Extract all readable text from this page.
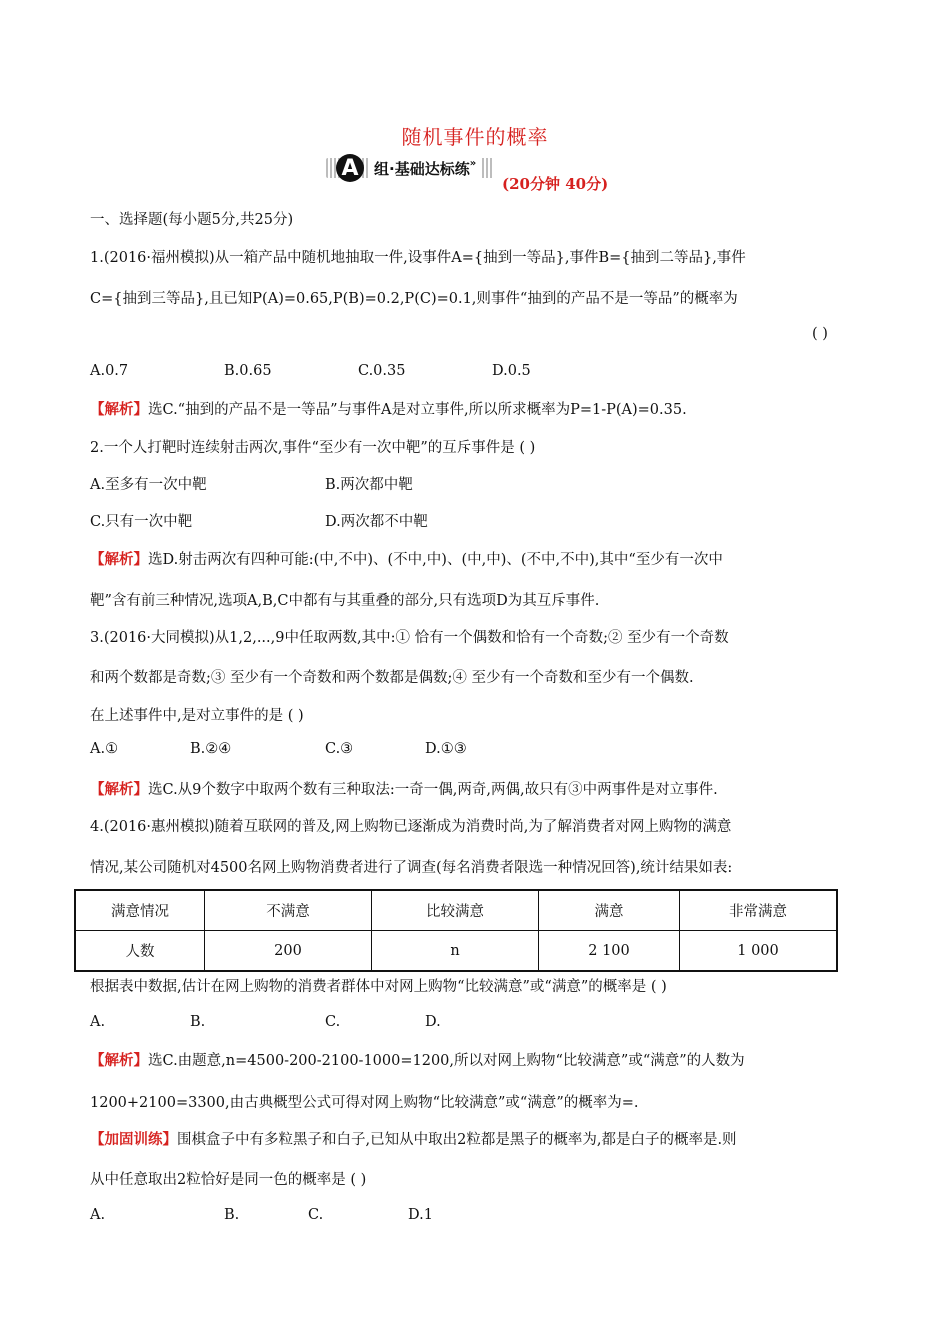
随机事件的概率
A	组·基础达标练»
(20分钟 40分)
一、选择题(每小题5分,共25分)
1.(2016·福州模拟)从一箱产品中随机地抽取一件,设事件A={抽到一等品},事件B={抽到二等品},事件
C={抽到三等品},且已知P(A)=0.65,P(B)=0.2,P(C)=0.1,则事件“抽到的产品不是一等品”的概率为
( )
A.0.7	B.0.65	C.0.35	D.0.5
【解析】选C.“抽到的产品不是一等品”与事件A是对立事件,所以所求概率为P=1-P(A)=0.35.
2.一个人打靶时连续射击两次,事件“至少有一次中靶”的互斥事件是 ( )
A.至多有一次中靶	B.两次都中靶
C.只有一次中靶	D.两次都不中靶
【解析】选D.射击两次有四种可能:(中,不中)、(不中,中)、(中,中)、(不中,不中),其中“至少有一次中
靶”含有前三种情况,选项A,B,C中都有与其重叠的部分,只有选项D为其互斥事件.
3.(2016·大同模拟)从1,2,...,9中任取两数,其中:① 恰有一个偶数和恰有一个奇数;② 至少有一个奇数
和两个数都是奇数;③ 至少有一个奇数和两个数都是偶数;④ 至少有一个奇数和至少有一个偶数.
在上述事件中,是对立事件的是 ( )
A.①	B.②④	C.③	D.①③
【解析】选C.从9个数字中取两个数有三种取法:一奇一偶,两奇,两偶,故只有③中两事件是对立事件.
4.(2016·惠州模拟)随着互联网的普及,网上购物已逐渐成为消费时尚,为了解消费者对网上购物的满意
情况,某公司随机对4500名网上购物消费者进行了调查(每名消费者限选一种情况回答),统计结果如表:
满意情况	不满意	比较满意	满意	非常满意
人数	200	n	2 100	1 000
根据表中数据,估计在网上购物的消费者群体中对网上购物“比较满意”或“满意”的概率是 ( )
A.	B.	C.	D.
【解析】选C.由题意,n=4500-200-2100-1000=1200,所以对网上购物“比较满意”或“满意”的人数为
1200+2100=3300,由古典概型公式可得对网上购物“比较满意”或“满意”的概率为=.
【加固训练】围棋盒子中有多粒黑子和白子,已知从中取出2粒都是黑子的概率为,都是白子的概率是.则
从中任意取出2粒恰好是同一色的概率是 ( )
A.	B.	C.	D.1
